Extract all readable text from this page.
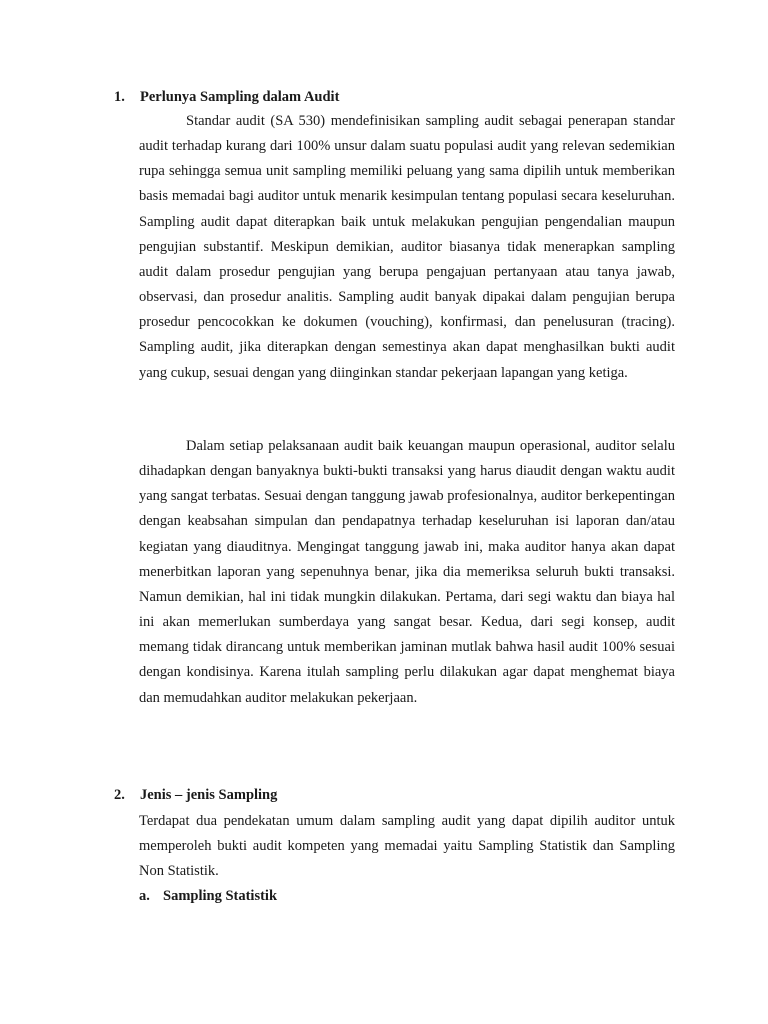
1. Perlunya Sampling dalam Audit

Standar audit (SA 530) mendefinisikan sampling audit sebagai penerapan standar audit terhadap kurang dari 100% unsur dalam suatu populasi audit yang relevan sedemikian rupa sehingga semua unit sampling memiliki peluang yang sama dipilih untuk memberikan basis memadai bagi auditor untuk menarik kesimpulan tentang populasi secara keseluruhan. Sampling audit dapat diterapkan baik untuk melakukan pengujian pengendalian maupun pengujian substantif. Meskipun demikian, auditor biasanya tidak menerapkan sampling audit dalam prosedur pengujian yang berupa pengajuan pertanyaan atau tanya jawab, observasi, dan prosedur analitis. Sampling audit banyak dipakai dalam pengujian berupa prosedur pencocokkan ke dokumen (vouching), konfirmasi, dan penelusuran (tracing). Sampling audit, jika diterapkan dengan semestinya akan dapat menghasilkan bukti audit yang cukup, sesuai dengan yang diinginkan standar pekerjaan lapangan yang ketiga.

Dalam setiap pelaksanaan audit baik keuangan maupun operasional, auditor selalu dihadapkan dengan banyaknya bukti-bukti transaksi yang harus diaudit dengan waktu audit yang sangat terbatas. Sesuai dengan tanggung jawab profesionalnya, auditor berkepentingan dengan keabsahan simpulan dan pendapatnya terhadap keseluruhan isi laporan dan/atau kegiatan yang diauditnya. Mengingat tanggung jawab ini, maka auditor hanya akan dapat menerbitkan laporan yang sepenuhnya benar, jika dia memeriksa seluruh bukti transaksi. Namun demikian, hal ini tidak mungkin dilakukan. Pertama, dari segi waktu dan biaya hal ini akan memerlukan sumberdaya yang sangat besar. Kedua, dari segi konsep, audit memang tidak dirancang untuk memberikan jaminan mutlak bahwa hasil audit 100% sesuai dengan kondisinya. Karena itulah sampling perlu dilakukan agar dapat menghemat biaya dan memudahkan auditor melakukan pekerjaan.

2. Jenis – jenis Sampling

Terdapat dua pendekatan umum dalam sampling audit yang dapat dipilih auditor untuk memperoleh bukti audit kompeten yang memadai yaitu Sampling Statistik dan Sampling Non Statistik.

a. Sampling Statistik
